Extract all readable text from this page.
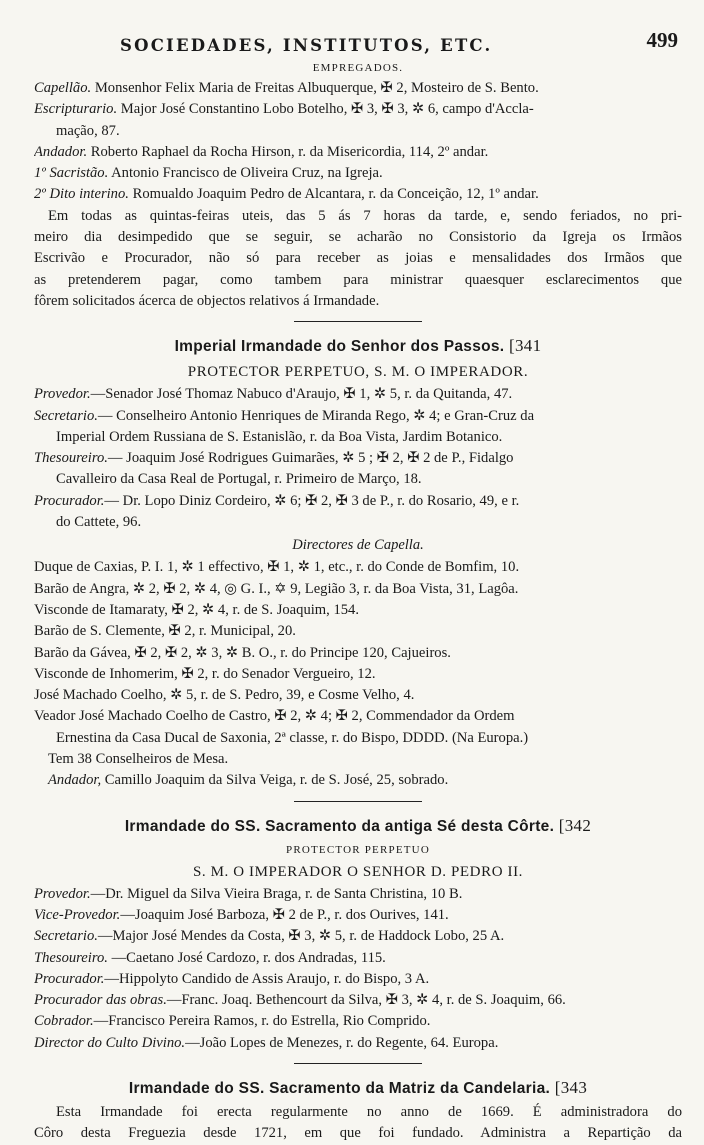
SOCIEDADES, INSTITUTOS, ETC.	499
EMPREGADOS.
Capellão. Monsenhor Felix Maria de Freitas Albuquerque, ✠ 2, Mosteiro de S. Bento.
Escripturario. Major José Constantino Lobo Botelho, ✠ 3, ✠ 3, ✲ 6, campo d'Accla-
mação, 87.
Andador. Roberto Raphael da Rocha Hirson, r. da Misericordia, 114, 2º andar.
1º Sacristão. Antonio Francisco de Oliveira Cruz, na Igreja.
2º Dito interino. Romualdo Joaquim Pedro de Alcantara, r. da Conceição, 12, 1º andar.
Em todas as quintas-feiras uteis, das 5 ás 7 horas da tarde, e, sendo feriados, no pri-
meiro dia desimpedido que se seguir, se acharão no Consistorio da Igreja os Irmãos
Escrivão e Procurador, não só para receber as joias e mensalidades dos Irmãos que
as pretenderem pagar, como tambem para ministrar quaesquer esclarecimentos que
fôrem solicitados ácerca de objectos relativos á Irmandade.
Imperial Irmandade do Senhor dos Passos. [341
PROTECTOR PERPETUO, S. M. O IMPERADOR.
Provedor.—Senador José Thomaz Nabuco d'Araujo, ✠ 1, ✲ 5, r. da Quitanda, 47.
Secretario.— Conselheiro Antonio Henriques de Miranda Rego, ✲ 4; e Gran-Cruz da
Imperial Ordem Russiana de S. Estanislão, r. da Boa Vista, Jardim Botanico.
Thesoureiro.— Joaquim José Rodrigues Guimarães, ✲ 5 ; ✠ 2, ✠ 2 de P., Fidalgo
Cavalleiro da Casa Real de Portugal, r. Primeiro de Março, 18.
Procurador.— Dr. Lopo Diniz Cordeiro, ✲ 6; ✠ 2, ✠ 3 de P., r. do Rosario, 49, e r.
do Cattete, 96.
Directores de Capella.
Duque de Caxias, P. I. 1, ✲ 1 effectivo, ✠ 1, ✲ 1, etc., r. do Conde de Bomfim, 10.
Barão de Angra, ✲ 2, ✠ 2, ✲ 4, ◎ G. I., ✡ 9, Legião 3, r. da Boa Vista, 31, Lagôa.
Visconde de Itamaraty, ✠ 2, ✲ 4, r. de S. Joaquim, 154.
Barão de S. Clemente, ✠ 2, r. Municipal, 20.
Barão da Gávea, ✠ 2, ✠ 2, ✲ 3, ✲ B. O., r. do Principe 120, Cajueiros.
Visconde de Inhomerim, ✠ 2, r. do Senador Vergueiro, 12.
José Machado Coelho, ✲ 5, r. de S. Pedro, 39, e Cosme Velho, 4.
Veador José Machado Coelho de Castro, ✠ 2, ✲ 4; ✠ 2, Commendador da Ordem
Ernestina da Casa Ducal de Saxonia, 2ª classe, r. do Bispo, DDDD. (Na Europa.)
Tem 38 Conselheiros de Mesa.
Andador, Camillo Joaquim da Silva Veiga, r. de S. José, 25, sobrado.
Irmandade do SS. Sacramento da antiga Sé desta Côrte. [342
PROTECTOR PERPETUO
S. M. O IMPERADOR O SENHOR D. PEDRO II.
Provedor.—Dr. Miguel da Silva Vieira Braga, r. de Santa Christina, 10 B.
Vice-Provedor.—Joaquim José Barboza, ✠ 2 de P., r. dos Ourives, 141.
Secretario.—Major José Mendes da Costa, ✠ 3, ✲ 5, r. de Haddock Lobo, 25 A.
Thesoureiro. —Caetano José Cardozo, r. dos Andradas, 115.
Procurador.—Hippolyto Candido de Assis Araujo, r. do Bispo, 3 A.
Procurador das obras.—Franc. Joaq. Bethencourt da Silva, ✠ 3, ✲ 4, r. de S. Joaquim, 66.
Cobrador.—Francisco Pereira Ramos, r. do Estrella, Rio Comprido.
Director do Culto Divino.—João Lopes de Menezes, r. do Regente, 64. Europa.
Irmandade do SS. Sacramento da Matriz da Candelaria. [343
Esta Irmandade foi erecta regularmente no anno de 1669. É administradora do
Côro desta Freguezia desde 1721, em que foi fundado. Administra a Repartição da
